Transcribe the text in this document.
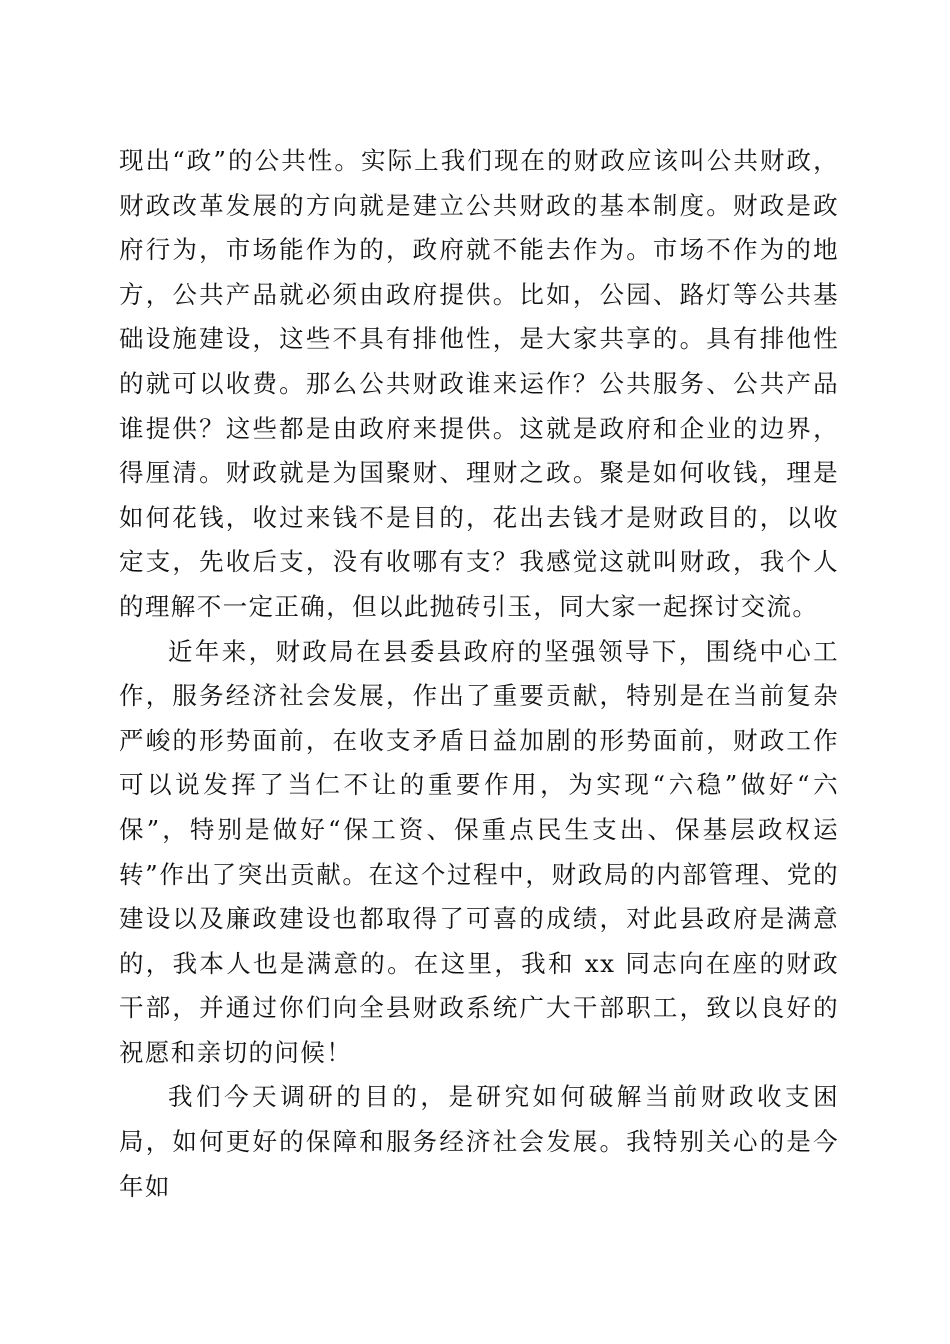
现出“政”的公共性。实际上我们现在的财政应该叫公共财政，财政改革发展的方向就是建立公共财政的基本制度。财政是政府行为，市场能作为的，政府就不能去作为。市场不作为的地方，公共产品就必须由政府提供。比如，公园、路灯等公共基础设施建设，这些不具有排他性，是大家共享的。具有排他性的就可以收费。那么公共财政谁来运作？公共服务、公共产品谁提供？这些都是由政府来提供。这就是政府和企业的边界，得厘清。财政就是为国聚财、理财之政。聚是如何收钱，理是如何花钱，收过来钱不是目的，花出去钱才是财政目的，以收定支，先收后支，没有收哪有支？我感觉这就叫财政，我个人的理解不一定正确，但以此抛砖引玉，同大家一起探讨交流。

近年来，财政局在县委县政府的坚强领导下，围绕中心工作，服务经济社会发展，作出了重要贡献，特别是在当前复杂严峻的形势面前，在收支矛盾日益加剧的形势面前，财政工作可以说发挥了当仁不让的重要作用，为实现“六稳”做好“六保”，特别是做好“保工资、保重点民生支出、保基层政权运转”作出了突出贡献。在这个过程中，财政局的内部管理、党的建设以及廉政建设也都取得了可喜的成绩，对此县政府是满意的，我本人也是满意的。在这里，我和 xx 同志向在座的财政干部，并通过你们向全县财政系统广大干部职工，致以良好的祝愿和亲切的问候！

我们今天调研的目的，是研究如何破解当前财政收支困局，如何更好的保障和服务经济社会发展。我特别关心的是今年如
